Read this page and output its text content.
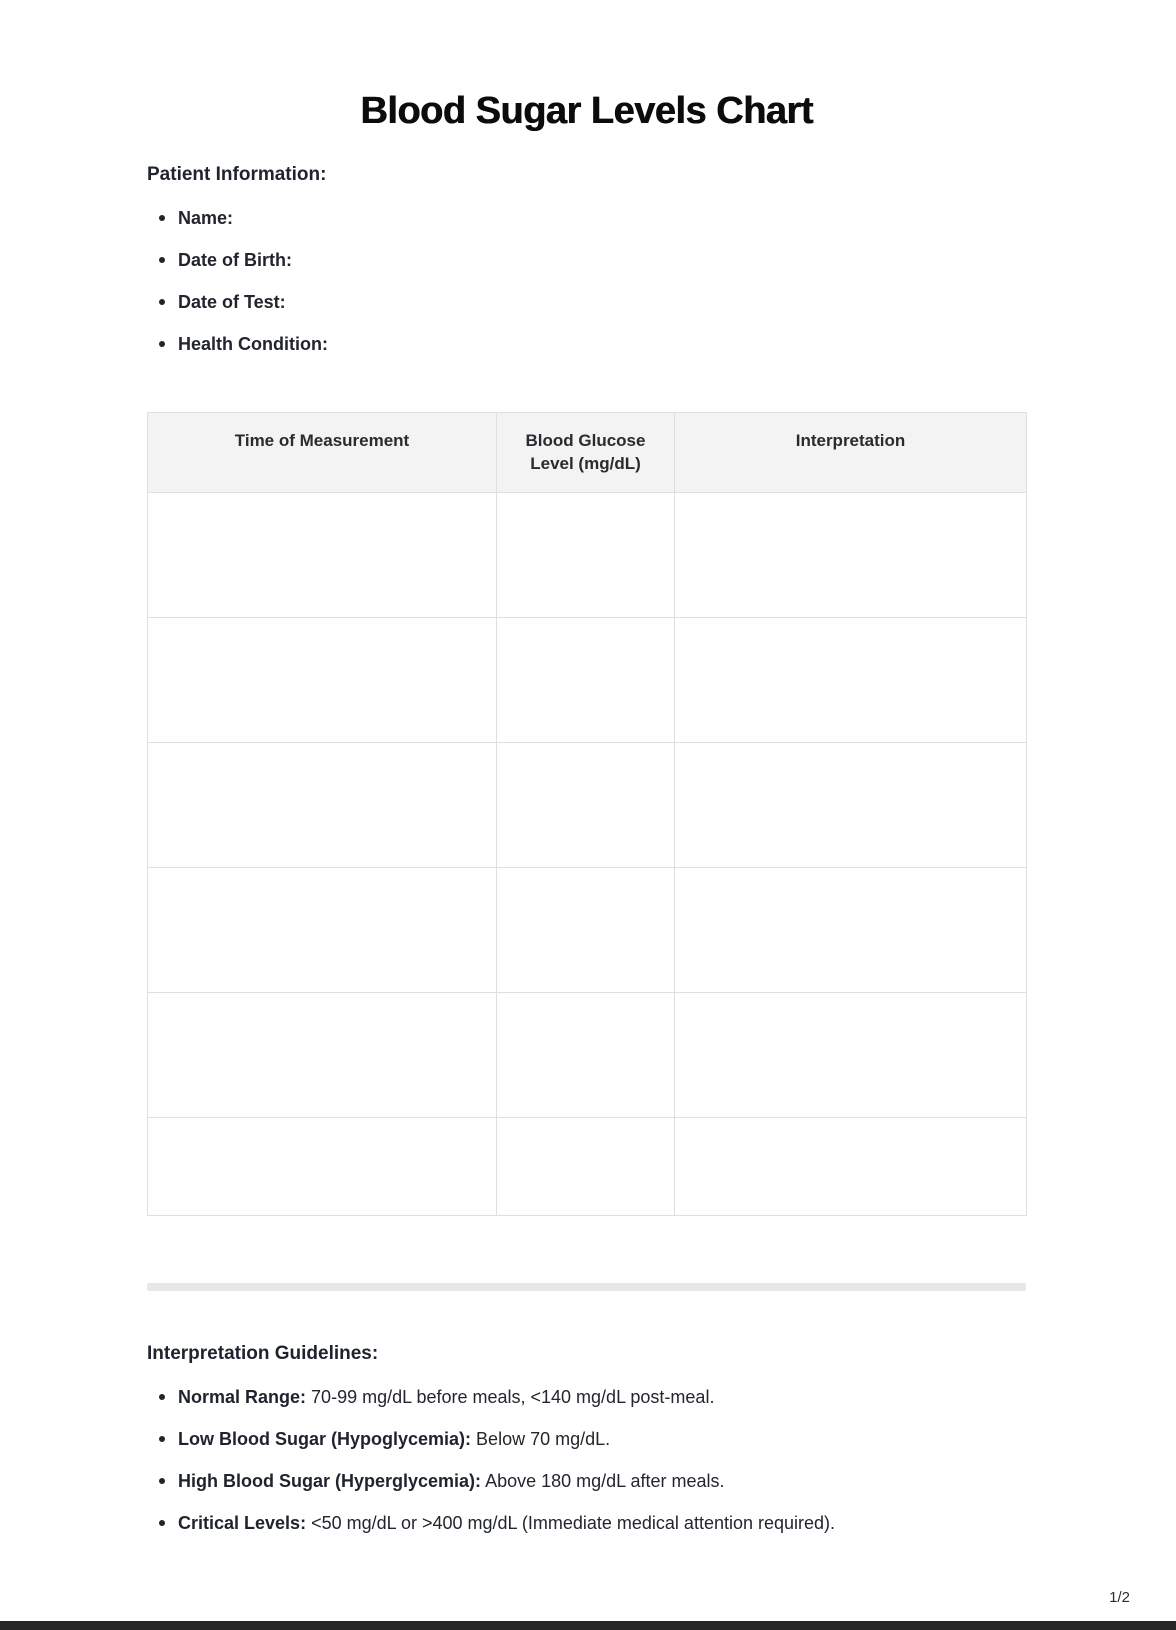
Blood Sugar Levels Chart
Patient Information:
Name:
Date of Birth:
Date of Test:
Health Condition:
Time of Measurement	Blood Glucose Level (mg/dL)	Interpretation

Interpretation Guidelines:
Normal Range: 70-99 mg/dL before meals, <140 mg/dL post-meal.
Low Blood Sugar (Hypoglycemia): Below 70 mg/dL.
High Blood Sugar (Hyperglycemia): Above 180 mg/dL after meals.
Critical Levels: <50 mg/dL or >400 mg/dL (Immediate medical attention required).
1/2
